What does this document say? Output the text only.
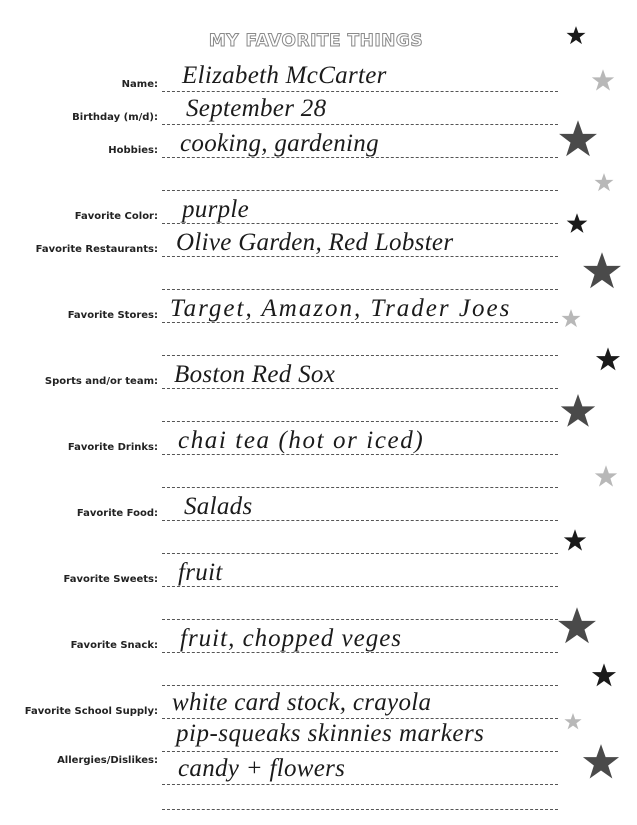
MY FAVORITE THINGS
Name:
Birthday (m/d):
Hobbies:
Favorite Color:
Favorite Restaurants:
Favorite Stores:
Sports and/or team:
Favorite Drinks:
Favorite Food:
Favorite Sweets:
Favorite Snack:
Favorite School Supply:
Allergies/Dislikes:
Elizabeth McCarter
September 28
cooking, gardening
purple
Olive Garden, Red Lobster
Target, Amazon, Trader Joes
Boston Red Sox
chai tea (hot or iced)
Salads
fruit
fruit, chopped veges
white card stock, crayola
pip-squeaks skinnies markers
candy + flowers
